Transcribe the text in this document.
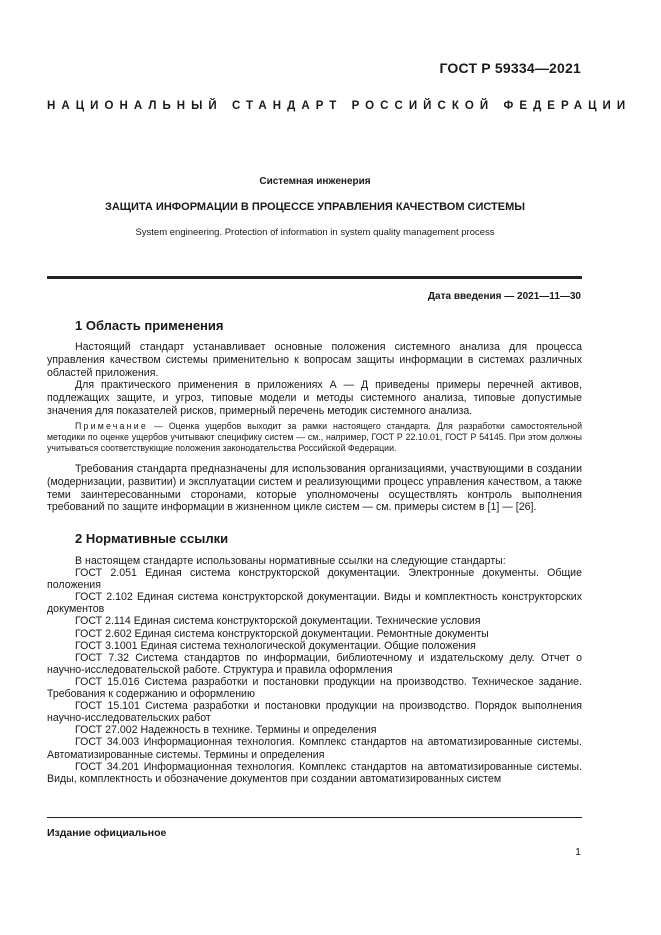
ГОСТ Р 59334—2021
НАЦИОНАЛЬНЫЙ СТАНДАРТ РОССИЙСКОЙ ФЕДЕРАЦИИ
Системная инженерия
ЗАЩИТА ИНФОРМАЦИИ В ПРОЦЕССЕ УПРАВЛЕНИЯ КАЧЕСТВОМ СИСТЕМЫ
System engineering. Protection of information in system quality management process
Дата введения — 2021—11—30
1 Область применения

Настоящий стандарт устанавливает основные положения системного анализа для процесса управления качеством системы применительно к вопросам защиты информации в системах различных областей приложения.

Для практического применения в приложениях А — Д приведены примеры перечней активов, подлежащих защите, и угроз, типовые модели и методы системного анализа, типовые допустимые значения для показателей рисков, примерный перечень методик системного анализа.

Примечание — Оценка ущербов выходит за рамки настоящего стандарта. Для разработки самостоятельной методики по оценке ущербов учитывают специфику систем — см., например, ГОСТ Р 22.10.01, ГОСТ Р 54145. При этом должны учитываться соответствующие положения законодательства Российской Федерации.

Требования стандарта предназначены для использования организациями, участвующими в создании (модернизации, развитии) и эксплуатации систем и реализующими процесс управления качеством, а также теми заинтересованными сторонами, которые уполномочены осуществлять контроль выполнения требований по защите информации в жизненном цикле систем — см. примеры систем в [1] — [26].

2 Нормативные ссылки

В настоящем стандарте использованы нормативные ссылки на следующие стандарты:

ГОСТ 2.051 Единая система конструкторской документации. Электронные документы. Общие положения

ГОСТ 2.102 Единая система конструкторской документации. Виды и комплектность конструкторских документов

ГОСТ 2.114 Единая система конструкторской документации. Технические условия

ГОСТ 2.602 Единая система конструкторской документации. Ремонтные документы

ГОСТ 3.1001 Единая система технологической документации. Общие положения

ГОСТ 7.32 Система стандартов по информации, библиотечному и издательскому делу. Отчет о научно-исследовательской работе. Структура и правила оформления

ГОСТ 15.016 Система разработки и постановки продукции на производство. Техническое задание. Требования к содержанию и оформлению

ГОСТ 15.101 Система разработки и постановки продукции на производство. Порядок выполнения научно-исследовательских работ

ГОСТ 27.002 Надежность в технике. Термины и определения

ГОСТ 34.003 Информационная технология. Комплекс стандартов на автоматизированные системы. Автоматизированные системы. Термины и определения

ГОСТ 34.201 Информационная технология. Комплекс стандартов на автоматизированные системы. Виды, комплектность и обозначение документов при создании автоматизированных систем

Издание официальное
1
